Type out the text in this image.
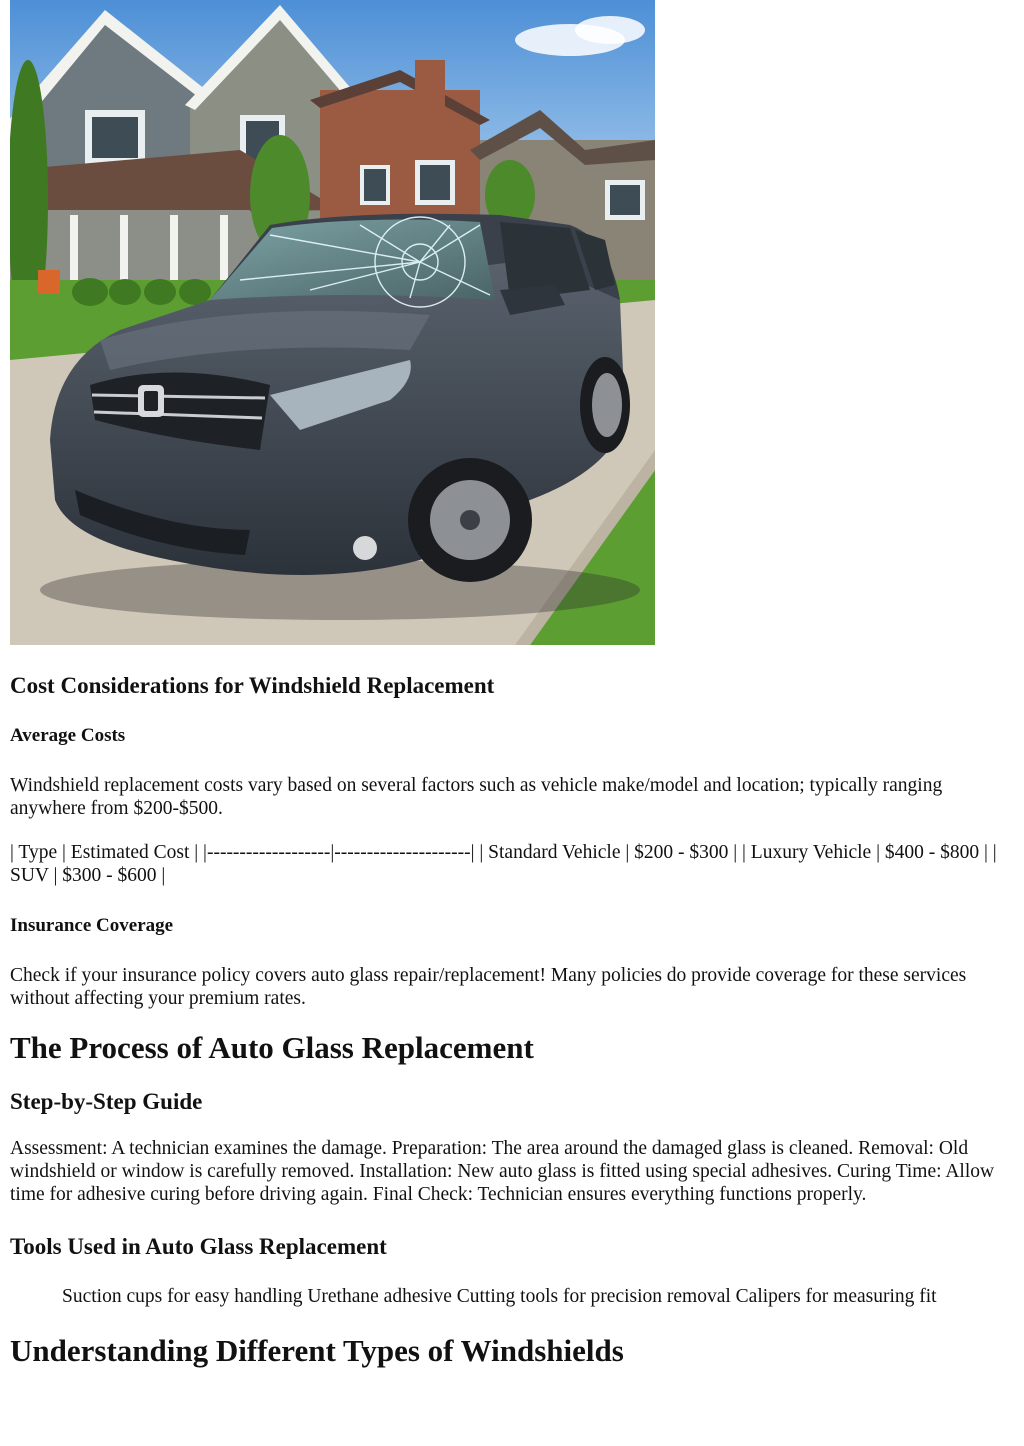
Cost Considerations for Windshield Replacement
Average Costs

Windshield replacement costs vary based on several factors such as vehicle make/model and location; typically ranging anywhere from $200-$500.

| Type | Estimated Cost | |-------------------|---------------------| | Standard Vehicle | $200 - $300 | | Luxury Vehicle | $400 - $800 | | SUV | $300 - $600 |

Insurance Coverage

Check if your insurance policy covers auto glass repair/replacement! Many policies do provide coverage for these services without affecting your premium rates.

The Process of Auto Glass Replacement
Step-by-Step Guide

Assessment: A technician examines the damage. Preparation: The area around the damaged glass is cleaned. Removal: Old windshield or window is carefully removed. Installation: New auto glass is fitted using special adhesives. Curing Time: Allow time for adhesive curing before driving again. Final Check: Technician ensures everything functions properly.

Tools Used in Auto Glass Replacement

Suction cups for easy handling Urethane adhesive Cutting tools for precision removal Calipers for measuring fit

Understanding Different Types of Windshields
